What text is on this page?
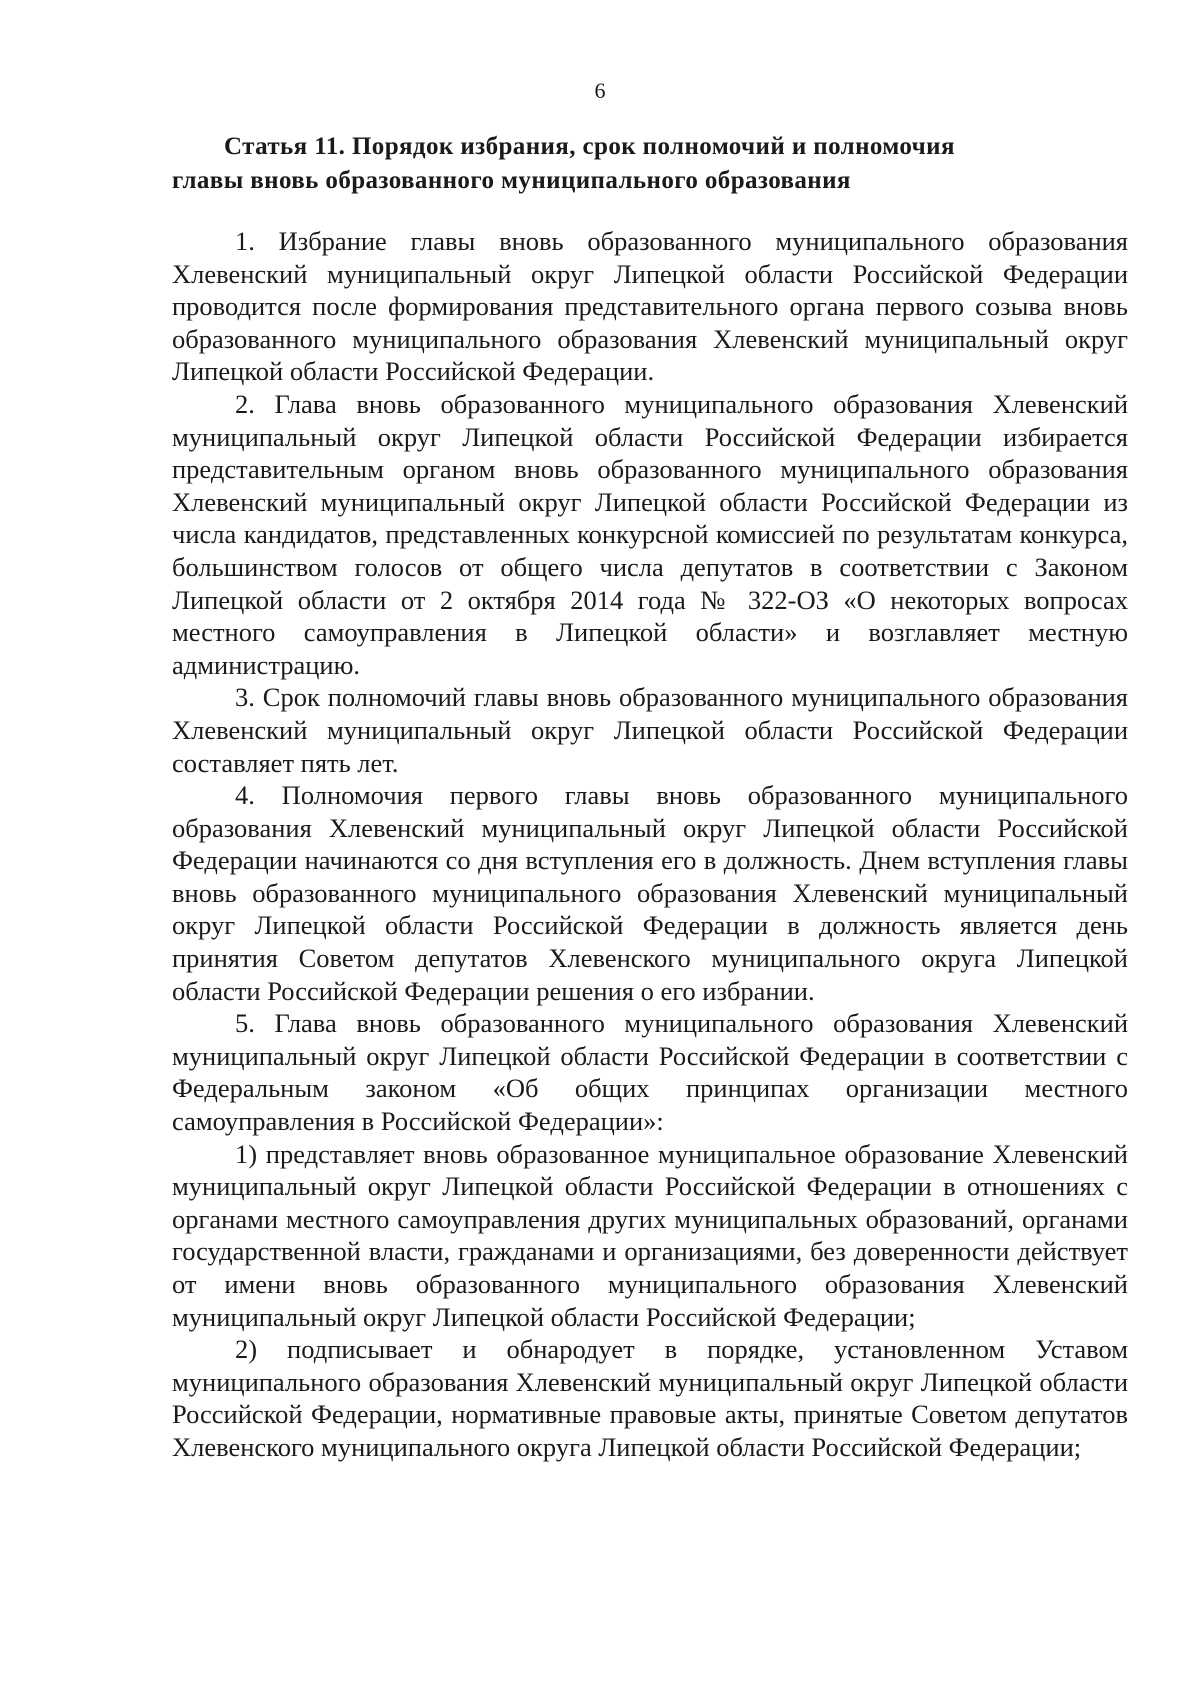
6
Статья 11. Порядок избрания, срок полномочий и полномочия
главы вновь образованного муниципального образования

1. Избрание главы вновь образованного муниципального образования Хлевенский муниципальный округ Липецкой области Российской Федерации проводится после формирования представительного органа первого созыва вновь образованного муниципального образования Хлевенский муниципальный округ Липецкой области Российской Федерации.

2. Глава вновь образованного муниципального образования Хлевенский муниципальный округ Липецкой области Российской Федерации избирается представительным органом вновь образованного муниципального образования Хлевенский муниципальный округ Липецкой области Российской Федерации из числа кандидатов, представленных конкурсной комиссией по результатам конкурса, большинством голосов от общего числа депутатов в соответствии с Законом Липецкой области от 2 октября 2014 года № 322-ОЗ «О некоторых вопросах местного самоуправления в Липецкой области» и возглавляет местную администрацию.

3. Срок полномочий главы вновь образованного муниципального образования Хлевенский муниципальный округ Липецкой области Российской Федерации составляет пять лет.

4. Полномочия первого главы вновь образованного муниципального образования Хлевенский муниципальный округ Липецкой области Российской Федерации начинаются со дня вступления его в должность. Днем вступления главы вновь образованного муниципального образования Хлевенский муниципальный округ Липецкой области Российской Федерации в должность является день принятия Советом депутатов Хлевенского муниципального округа Липецкой области Российской Федерации решения о его избрании.

5. Глава вновь образованного муниципального образования Хлевенский муниципальный округ Липецкой области Российской Федерации в соответствии с Федеральным законом «Об общих принципах организации местного самоуправления в Российской Федерации»:

1) представляет вновь образованное муниципальное образование Хлевенский муниципальный округ Липецкой области Российской Федерации в отношениях с органами местного самоуправления других муниципальных образований, органами государственной власти, гражданами и организациями, без доверенности действует от имени вновь образованного муниципального образования Хлевенский муниципальный округ Липецкой области Российской Федерации;

2) подписывает и обнародует в порядке, установленном Уставом муниципального образования Хлевенский муниципальный округ Липецкой области Российской Федерации, нормативные правовые акты, принятые Советом депутатов Хлевенского муниципального округа Липецкой области Российской Федерации;
